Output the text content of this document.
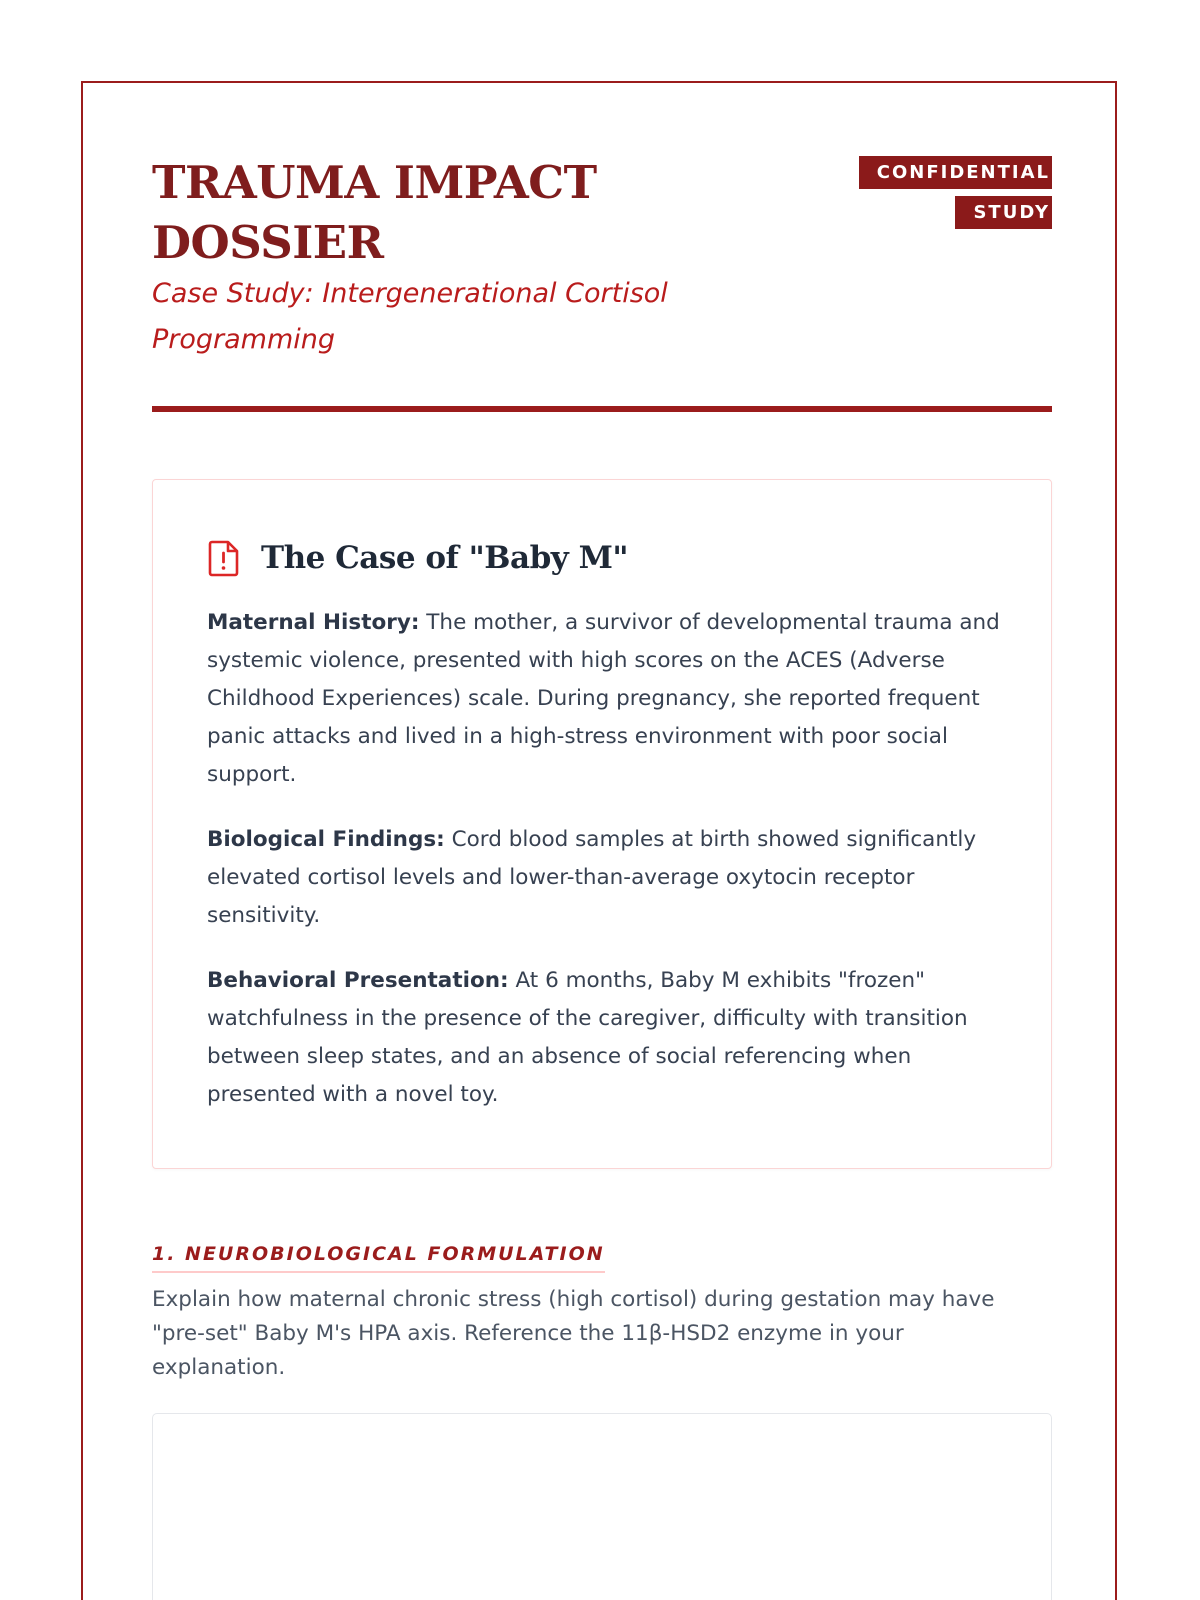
TRAUMA IMPACT DOSSIER

Case Study: Intergenerational Cortisol Programming

CONFIDENTIAL STUDY
The Case of "Baby M"

Maternal History: The mother, a survivor of developmental trauma and systemic violence, presented with high scores on the ACES (Adverse Childhood Experiences) scale. During pregnancy, she reported frequent panic attacks and lived in a high-stress environment with poor social support.

Biological Findings: Cord blood samples at birth showed significantly elevated cortisol levels and lower-than-average oxytocin receptor sensitivity.

Behavioral Presentation: At 6 months, Baby M exhibits "frozen" watchfulness in the presence of the caregiver, difficulty with transition between sleep states, and an absence of social referencing when presented with a novel toy.

1. NEUROBIOLOGICAL FORMULATION

Explain how maternal chronic stress (high cortisol) during gestation may have "pre-set" Baby M's HPA axis. Reference the 11β-HSD2 enzyme in your explanation.
